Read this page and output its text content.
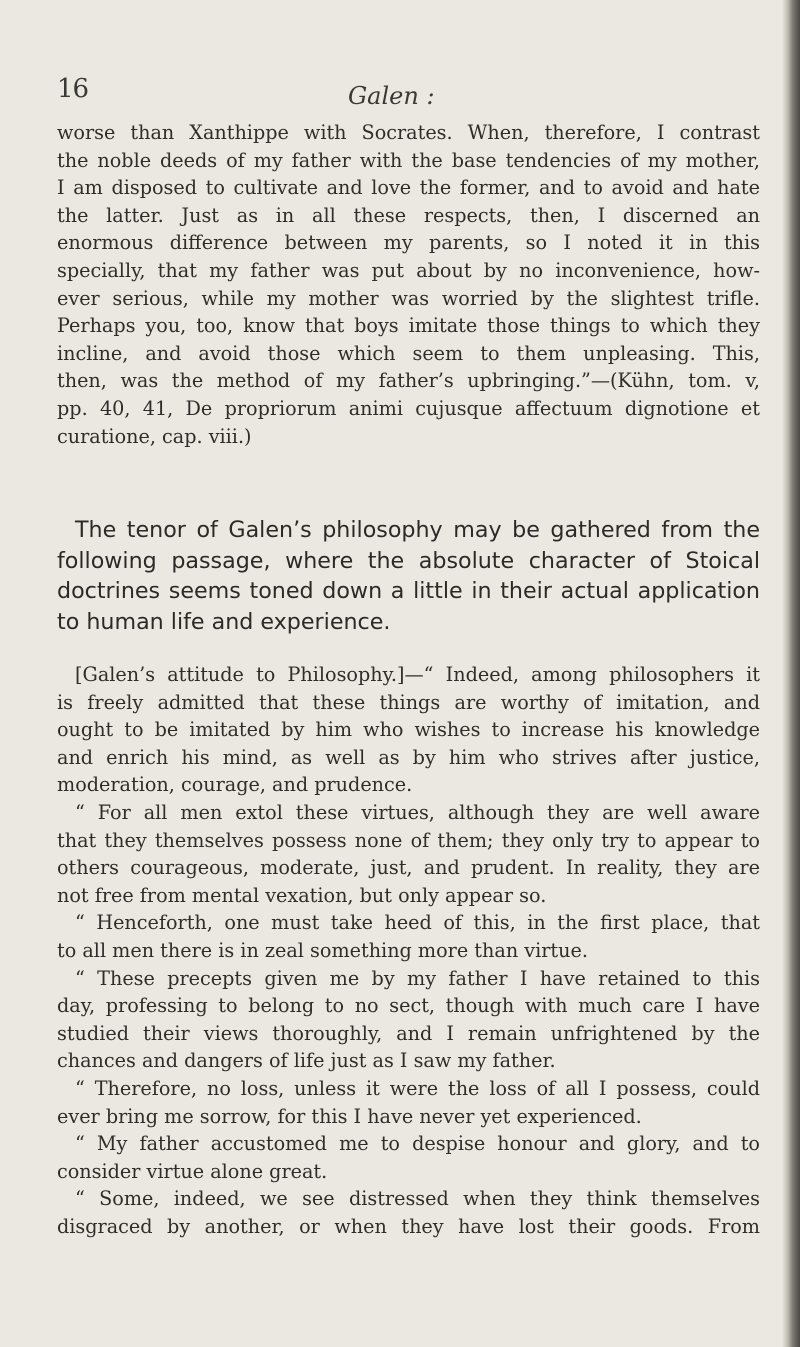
16	Galen :
worse than Xanthippe with Socrates. When, therefore, I contrast
the noble deeds of my father with the base tendencies of my mother,
I am disposed to cultivate and love the former, and to avoid and hate
the latter. Just as in all these respects, then, I discerned an
enormous difference between my parents, so I noted it in this
specially, that my father was put about by no inconvenience, how-
ever serious, while my mother was worried by the slightest trifle.
Perhaps you, too, know that boys imitate those things to which they
incline, and avoid those which seem to them unpleasing. This,
then, was the method of my father’s upbringing.”—(Kühn, tom. v,
pp. 40, 41, De propriorum animi cujusque affectuum dignotione et
curatione, cap. viii.)
The tenor of Galen’s philosophy may be gathered from the
following passage, where the absolute character of Stoical
doctrines seems toned down a little in their actual application
to human life and experience.
[Galen’s attitude to Philosophy.]—“ Indeed, among philosophers it
is freely admitted that these things are worthy of imitation, and
ought to be imitated by him who wishes to increase his knowledge
and enrich his mind, as well as by him who strives after justice,
moderation, courage, and prudence.
“ For all men extol these virtues, although they are well aware
that they themselves possess none of them; they only try to appear to
others courageous, moderate, just, and prudent. In reality, they are
not free from mental vexation, but only appear so.
“ Henceforth, one must take heed of this, in the first place, that
to all men there is in zeal something more than virtue.
“ These precepts given me by my father I have retained to this
day, professing to belong to no sect, though with much care I have
studied their views thoroughly, and I remain unfrightened by the
chances and dangers of life just as I saw my father.
“ Therefore, no loss, unless it were the loss of all I possess, could
ever bring me sorrow, for this I have never yet experienced.
“ My father accustomed me to despise honour and glory, and to
consider virtue alone great.
“ Some, indeed, we see distressed when they think themselves
disgraced by another, or when they have lost their goods. From
